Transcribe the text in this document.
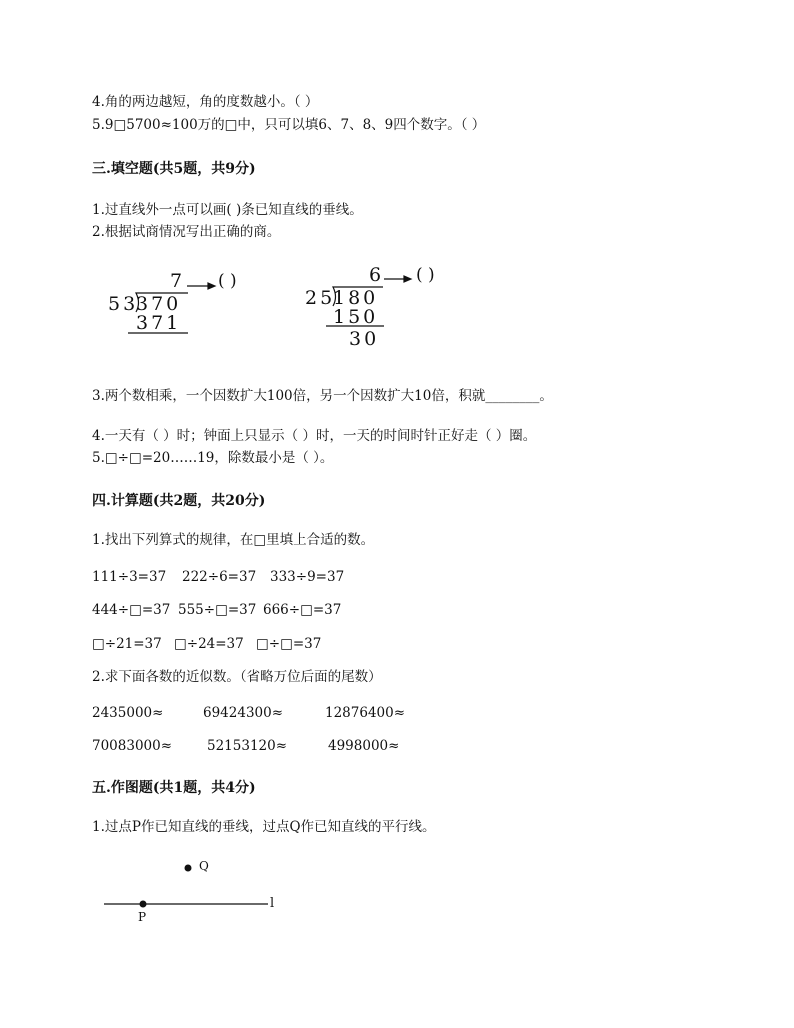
4.角的两边越短，角的度数越小。（ ）
5.9□5700≈100万的□中，只可以填6、7、8、9四个数字。（ ）
三.填空题(共5题，共9分)
1.过直线外一点可以画( )条已知直线的垂线。
2.根据试商情况写出正确的商。
7 ( )
53
370
371
6 ( )
25
180
150
30
3.两个数相乘，一个因数扩大100倍，另一个因数扩大10倍，积就________。
4.一天有（ ）时；钟面上只显示（ ）时，一天的时间时针正好走（ ）圈。
5.□÷□=20……19，除数最小是（ ）。
四.计算题(共2题，共20分)
1.找出下列算式的规律，在□里填上合适的数。
111÷3=37 222÷6=37 333÷9=37
444÷□=37 555÷□=37 666÷□=37
□÷21=37 □÷24=37 □÷□=37
2.求下面各数的近似数。（省略万位后面的尾数）
2435000≈	69424300≈	12876400≈
70083000≈	52153120≈	4998000≈
五.作图题(共1题，共4分)
1.过点P作已知直线的垂线，过点Q作已知直线的平行线。
Q
P
l
